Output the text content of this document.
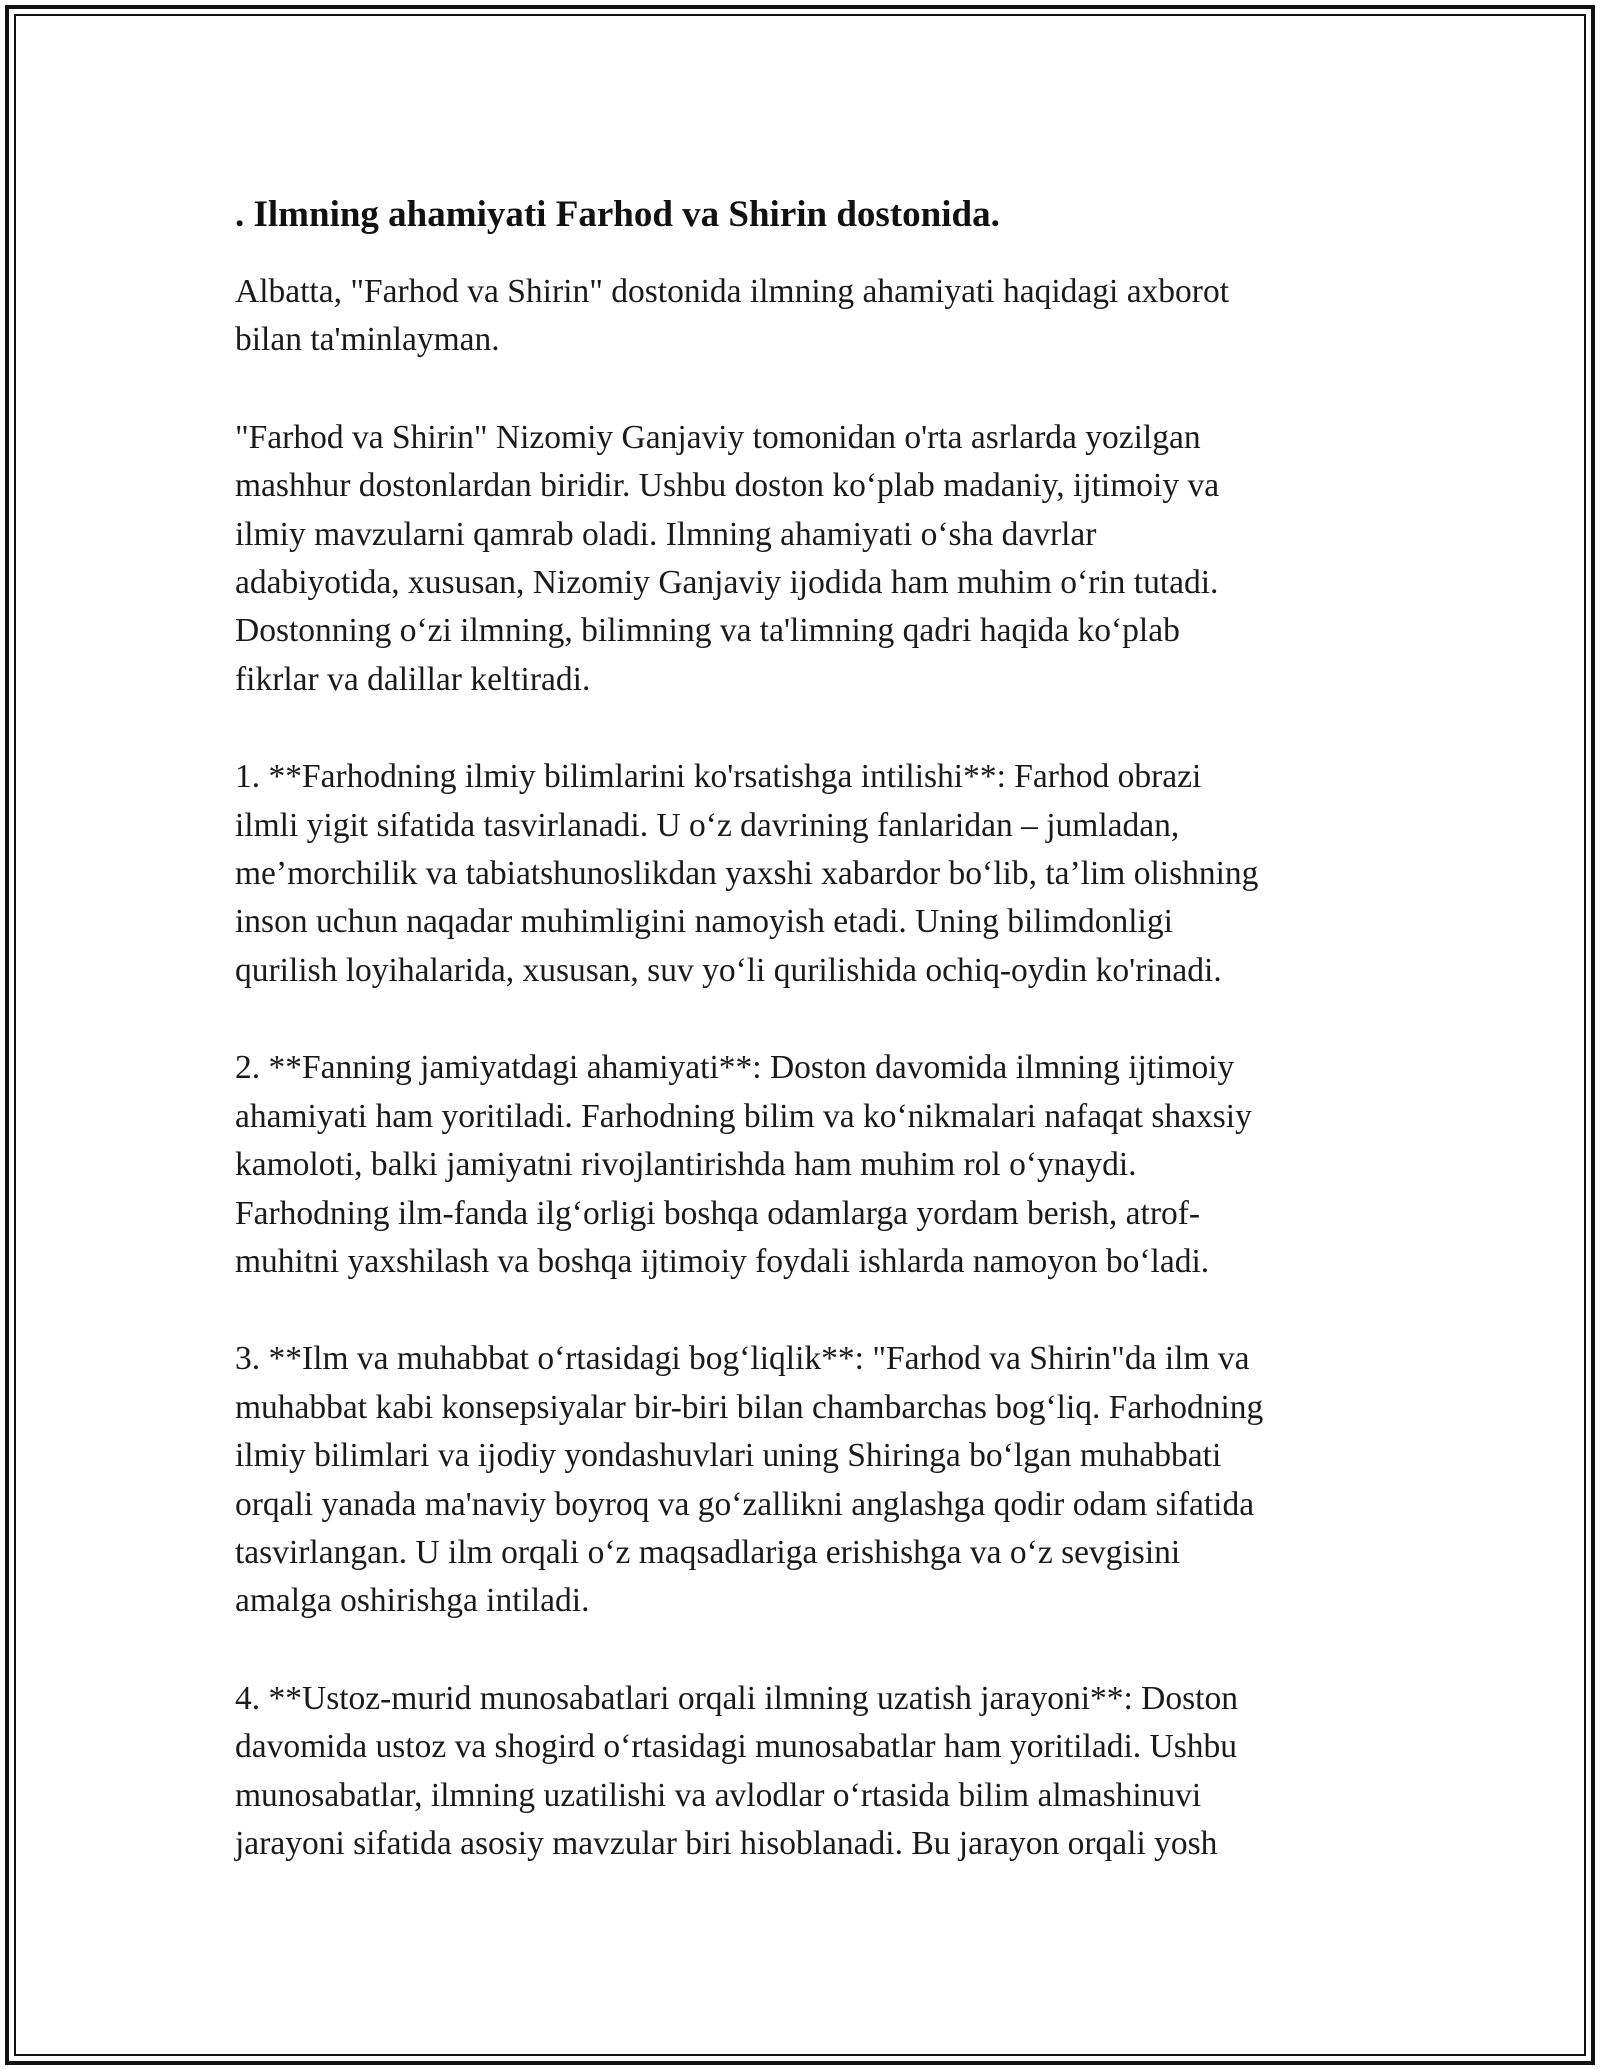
. Ilmning ahamiyati Farhod va Shirin dostonida.

Albatta, "Farhod va Shirin" dostonida ilmning ahamiyati haqidagi axborot
bilan ta'minlayman.

"Farhod va Shirin" Nizomiy Ganjaviy tomonidan o'rta asrlarda yozilgan
mashhur dostonlardan biridir. Ushbu doston ko‘plab madaniy, ijtimoiy va
ilmiy mavzularni qamrab oladi. Ilmning ahamiyati o‘sha davrlar
adabiyotida, xususan, Nizomiy Ganjaviy ijodida ham muhim o‘rin tutadi.
Dostonning o‘zi ilmning, bilimning va ta'limning qadri haqida ko‘plab
fikrlar va dalillar keltiradi.

1. **Farhodning ilmiy bilimlarini ko'rsatishga intilishi**: Farhod obrazi
ilmli yigit sifatida tasvirlanadi. U o‘z davrining fanlaridan – jumladan,
me’morchilik va tabiatshunoslikdan yaxshi xabardor bo‘lib, ta’lim olishning
inson uchun naqadar muhimligini namoyish etadi. Uning bilimdonligi
qurilish loyihalarida, xususan, suv yo‘li qurilishida ochiq-oydin ko'rinadi.

2. **Fanning jamiyatdagi ahamiyati**: Doston davomida ilmning ijtimoiy
ahamiyati ham yoritiladi. Farhodning bilim va ko‘nikmalari nafaqat shaxsiy
kamoloti, balki jamiyatni rivojlantirishda ham muhim rol o‘ynaydi.
Farhodning ilm-fanda ilg‘orligi boshqa odamlarga yordam berish, atrof-
muhitni yaxshilash va boshqa ijtimoiy foydali ishlarda namoyon bo‘ladi.

3. **Ilm va muhabbat o‘rtasidagi bog‘liqlik**: "Farhod va Shirin"da ilm va
muhabbat kabi konsepsiyalar bir-biri bilan chambarchas bog‘liq. Farhodning
ilmiy bilimlari va ijodiy yondashuvlari uning Shiringa bo‘lgan muhabbati
orqali yanada ma'naviy boyroq va go‘zallikni anglashga qodir odam sifatida
tasvirlangan. U ilm orqali o‘z maqsadlariga erishishga va o‘z sevgisini
amalga oshirishga intiladi.

4. **Ustoz-murid munosabatlari orqali ilmning uzatish jarayoni**: Doston
davomida ustoz va shogird o‘rtasidagi munosabatlar ham yoritiladi. Ushbu
munosabatlar, ilmning uzatilishi va avlodlar o‘rtasida bilim almashinuvi
jarayoni sifatida asosiy mavzular biri hisoblanadi. Bu jarayon orqali yosh
